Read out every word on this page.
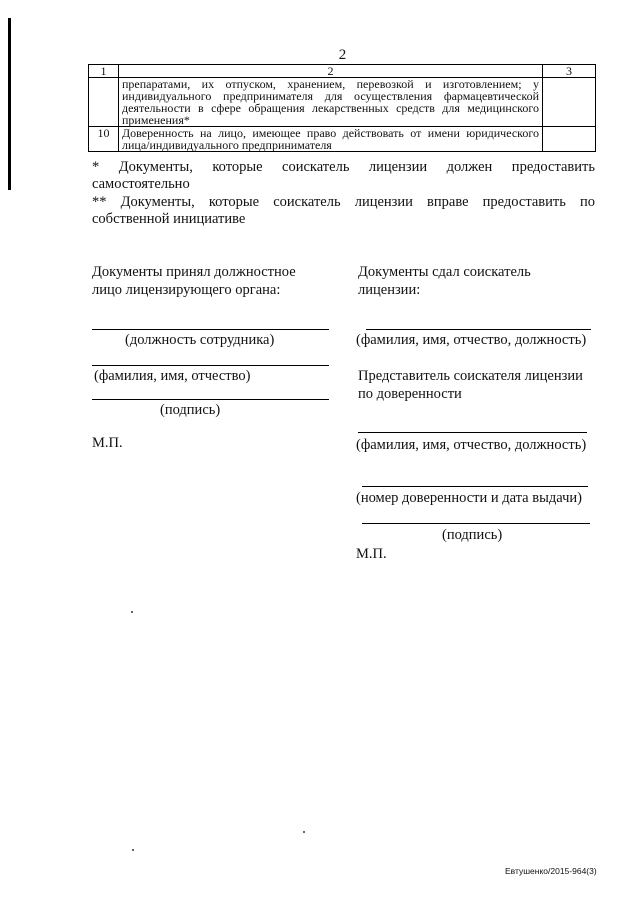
2
1	2	3
	препаратами, их отпуском, хранением, перевозкой и изготовлением; у индивидуального предпринимателя для осуществления фармацевтической деятельности в сфере обращения лекарственных средств для медицинского применения*	
10	Доверенность на лицо, имеющее право действовать от имени юридического лица/индивидуального предпринимателя	

* Документы, которые соискатель лицензии должен предоставить самостоятельно

** Документы, которые соискатель лицензии вправе предоставить по собственной инициативе

Документы принял должностное
лицо лицензирующего органа:
(должность сотрудника)
(фамилия, имя, отчество)
(подпись)
М.П.
Документы сдал соискатель
лицензии:
(фамилия, имя, отчество, должность)
Представитель соискателя лицензии
по доверенности
(фамилия, имя, отчество, должность)
(номер доверенности и дата выдачи)
(подпись)
М.П.
Евтушенко/2015-964(3)
